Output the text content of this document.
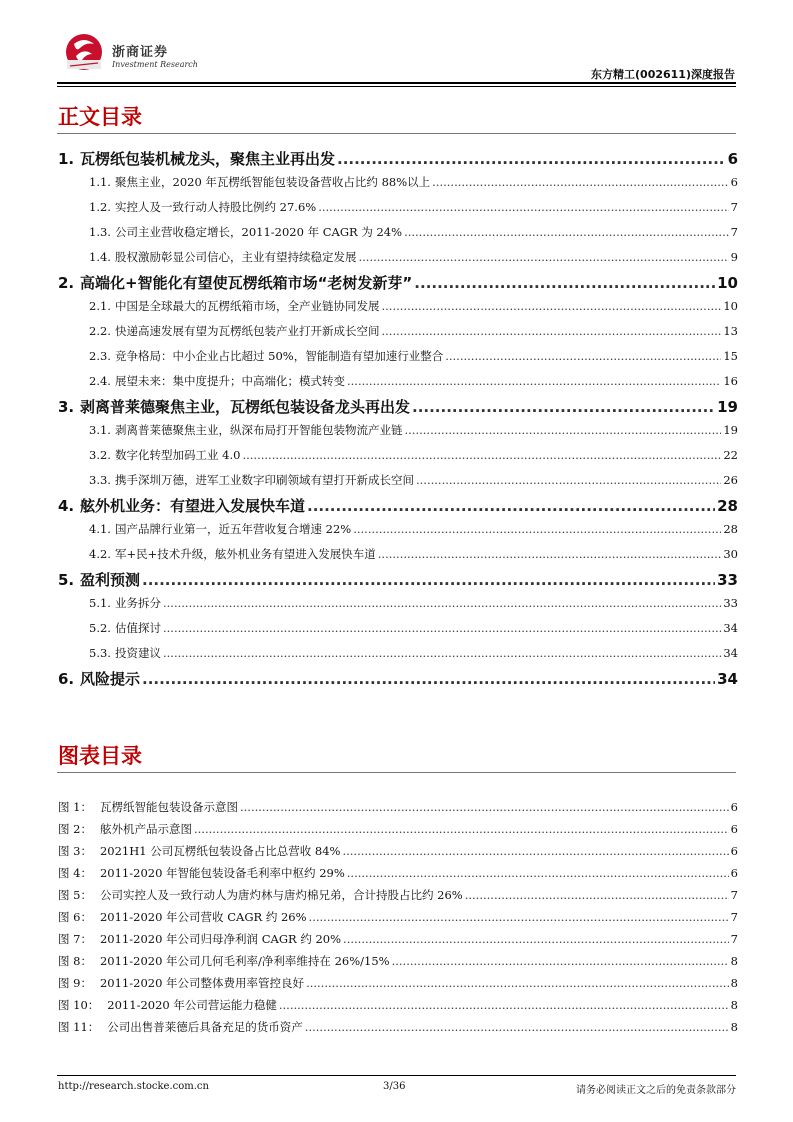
浙商证券
Investment Research
东方精工(002611)深度报告
正文目录
1. 瓦楞纸包装机械龙头，聚焦主业再出发 .....	6
1.1. 聚焦主业，2020 年瓦楞纸智能包装设备营收占比约 88%以上 .....	6
1.2. 实控人及一致行动人持股比例约 27.6% .....	7
1.3. 公司主业营收稳定增长，2011-2020 年 CAGR 为 24% .....	7
1.4. 股权激励彰显公司信心，主业有望持续稳定发展 .....	9
2. 高端化+智能化有望使瓦楞纸箱市场“老树发新芽” .....	10
2.1. 中国是全球最大的瓦楞纸箱市场，全产业链协同发展 .....	10
2.2. 快递高速发展有望为瓦楞纸包装产业打开新成长空间 .....	13
2.3. 竞争格局：中小企业占比超过 50%，智能制造有望加速行业整合 .....	15
2.4. 展望未来：集中度提升；中高端化；模式转变 .....	16
3. 剥离普莱德聚焦主业，瓦楞纸包装设备龙头再出发 .....	19
3.1. 剥离普莱德聚焦主业，纵深布局打开智能包装物流产业链 .....	19
3.2. 数字化转型加码工业 4.0 .....	22
3.3. 携手深圳万德，进军工业数字印刷领域有望打开新成长空间 .....	26
4. 舷外机业务：有望进入发展快车道 .....	28
4.1. 国产品牌行业第一，近五年营收复合增速 22% .....	28
4.2. 军+民+技术升级，舷外机业务有望进入发展快车道 .....	30
5. 盈利预测 .....	33
5.1. 业务拆分 .....	33
5.2. 估值探讨 .....	34
5.3. 投资建议 .....	34
6. 风险提示 .....	34
图表目录
图 1： 瓦楞纸智能包装设备示意图 .....	6
图 2： 舷外机产品示意图 .....	6
图 3： 2021H1 公司瓦楞纸包装设备占比总营收 84% .....	6
图 4： 2011-2020 年智能包装设备毛利率中枢约 29% .....	6
图 5： 公司实控人及一致行动人为唐灼林与唐灼棉兄弟，合计持股占比约 26% .....	7
图 6： 2011-2020 年公司营收 CAGR 约 26% .....	7
图 7： 2011-2020 年公司归母净利润 CAGR 约 20% .....	7
图 8： 2011-2020 年公司几何毛利率/净利率维持在 26%/15% .....	8
图 9： 2011-2020 年公司整体费用率管控良好 .....	8
图 10： 2011-2020 年公司营运能力稳健 .....	8
图 11： 公司出售普莱德后具备充足的货币资产 .....	8
http://research.stocke.com.cn	3/36	请务必阅读正文之后的免责条款部分
